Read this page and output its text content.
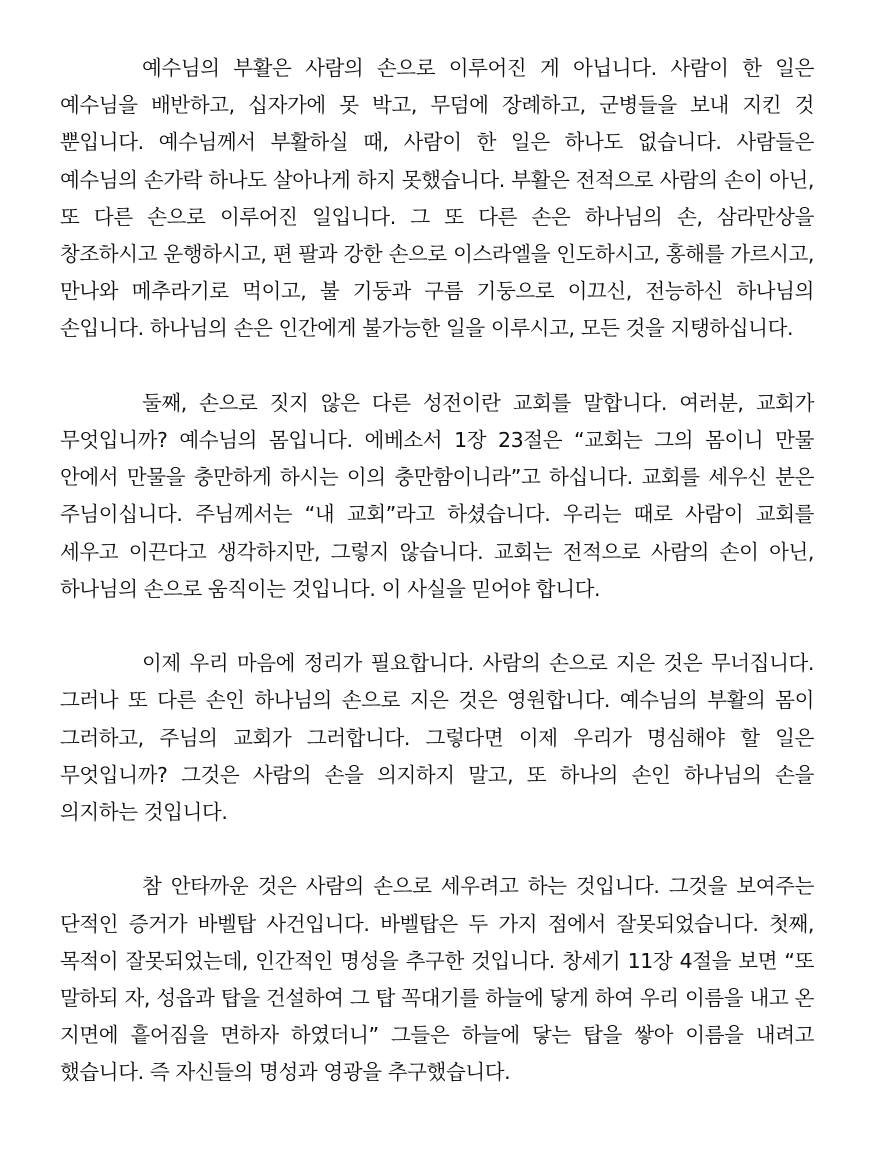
예수님의 부활은 사람의 손으로 이루어진 게 아닙니다. 사람이 한 일은 예수님을 배반하고, 십자가에 못 박고, 무덤에 장례하고, 군병들을 보내 지킨 것 뿐입니다. 예수님께서 부활하실 때, 사람이 한 일은 하나도 없습니다. 사람들은 예수님의 손가락 하나도 살아나게 하지 못했습니다. 부활은 전적으로 사람의 손이 아닌, 또 다른 손으로 이루어진 일입니다. 그 또 다른 손은 하나님의 손, 삼라만상을 창조하시고 운행하시고, 편 팔과 강한 손으로 이스라엘을 인도하시고, 홍해를 가르시고, 만나와 메추라기로 먹이고, 불 기둥과 구름 기둥으로 이끄신, 전능하신 하나님의 손입니다. 하나님의 손은 인간에게 불가능한 일을 이루시고, 모든 것을 지탱하십니다.

둘째, 손으로 짓지 않은 다른 성전이란 교회를 말합니다. 여러분, 교회가 무엇입니까? 예수님의 몸입니다. 에베소서 1장 23절은 “교회는 그의 몸이니 만물 안에서 만물을 충만하게 하시는 이의 충만함이니라”고 하십니다. 교회를 세우신 분은 주님이십니다. 주님께서는 “내 교회”라고 하셨습니다. 우리는 때로 사람이 교회를 세우고 이끈다고 생각하지만, 그렇지 않습니다. 교회는 전적으로 사람의 손이 아닌, 하나님의 손으로 움직이는 것입니다. 이 사실을 믿어야 합니다.

이제 우리 마음에 정리가 필요합니다. 사람의 손으로 지은 것은 무너집니다. 그러나 또 다른 손인 하나님의 손으로 지은 것은 영원합니다. 예수님의 부활의 몸이 그러하고, 주님의 교회가 그러합니다. 그렇다면 이제 우리가 명심해야 할 일은 무엇입니까? 그것은 사람의 손을 의지하지 말고, 또 하나의 손인 하나님의 손을 의지하는 것입니다.

참 안타까운 것은 사람의 손으로 세우려고 하는 것입니다. 그것을 보여주는 단적인 증거가 바벨탑 사건입니다. 바벨탑은 두 가지 점에서 잘못되었습니다. 첫째, 목적이 잘못되었는데, 인간적인 명성을 추구한 것입니다. 창세기 11장 4절을 보면 “또 말하되 자, 성읍과 탑을 건설하여 그 탑 꼭대기를 하늘에 닿게 하여 우리 이름을 내고 온 지면에 흩어짐을 면하자 하였더니” 그들은 하늘에 닿는 탑을 쌓아 이름을 내려고 했습니다. 즉 자신들의 명성과 영광을 추구했습니다.
